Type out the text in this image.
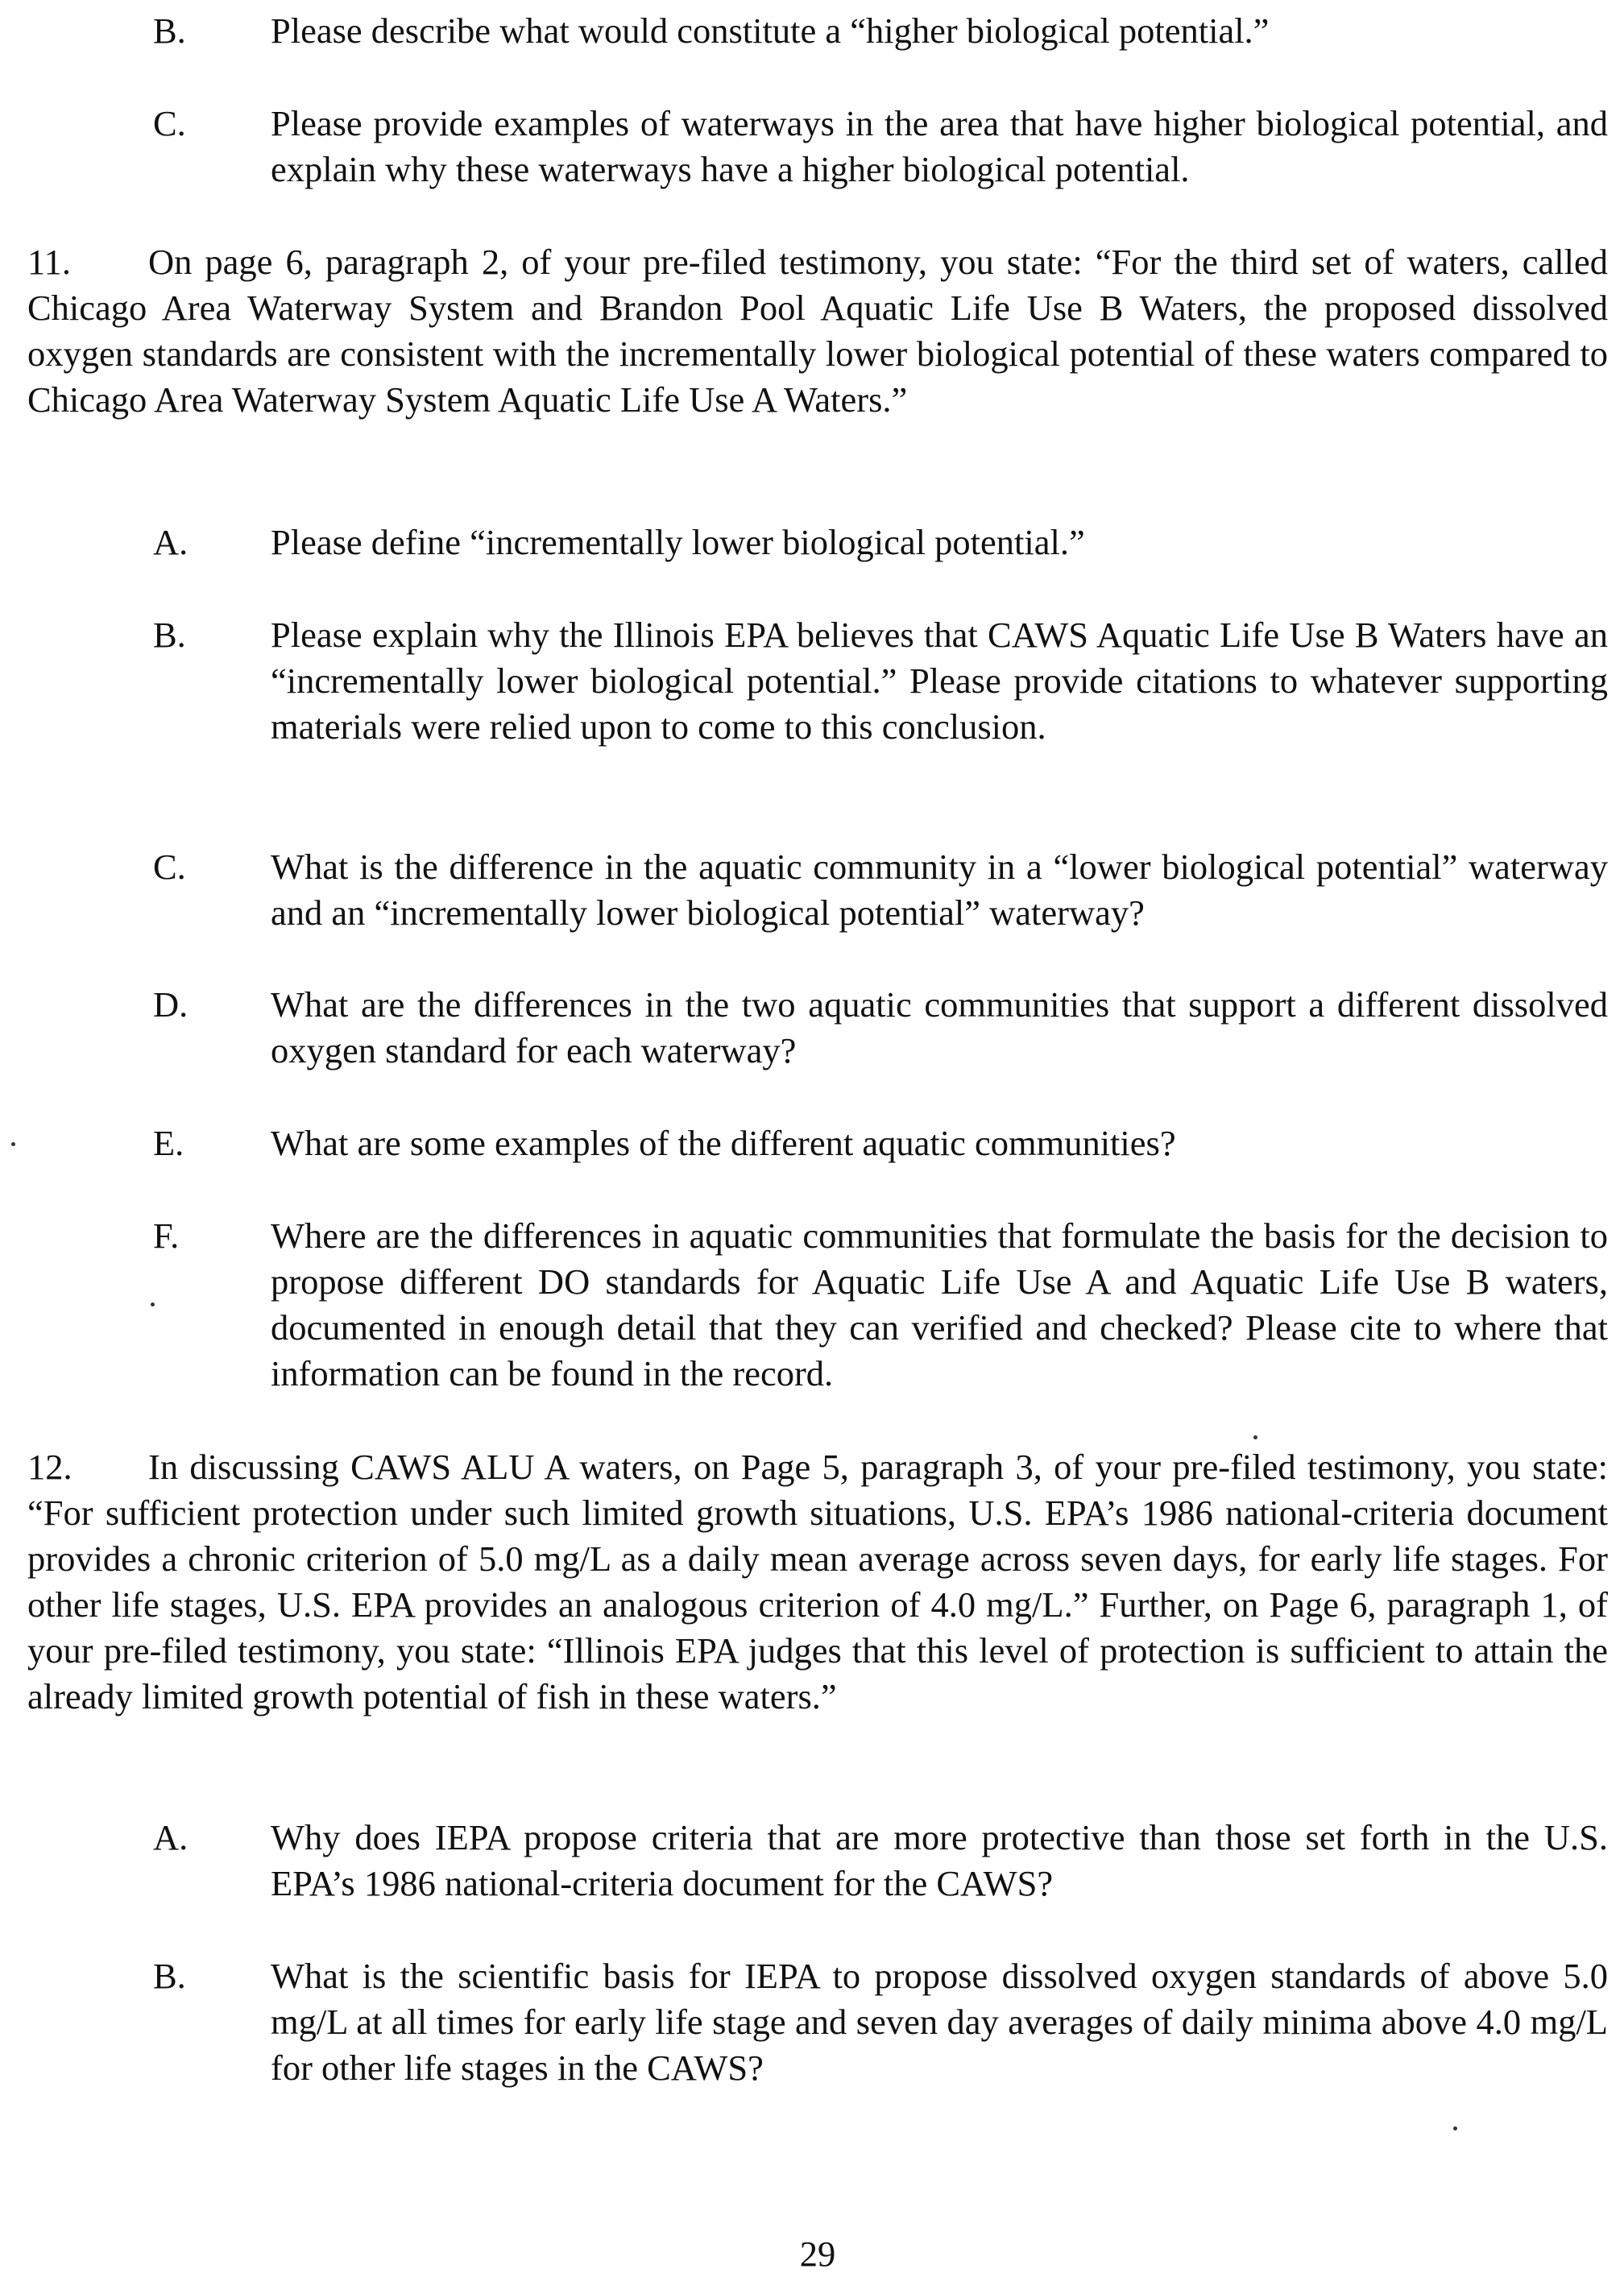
B. Please describe what would constitute a “higher biological potential.”

C. Please provide examples of waterways in the area that have higher biological potential, and explain why these waterways have a higher biological potential.

11. On page 6, paragraph 2, of your pre-filed testimony, you state: “For the third set of waters, called Chicago Area Waterway System and Brandon Pool Aquatic Life Use B Waters, the proposed dissolved oxygen standards are consistent with the incrementally lower biological potential of these waters compared to Chicago Area Waterway System Aquatic Life Use A Waters.”

A. Please define “incrementally lower biological potential.”

B. Please explain why the Illinois EPA believes that CAWS Aquatic Life Use B Waters have an “incrementally lower biological potential.” Please provide citations to whatever supporting materials were relied upon to come to this conclusion.

C. What is the difference in the aquatic community in a “lower biological potential” waterway and an “incrementally lower biological potential” waterway?

D. What are the differences in the two aquatic communities that support a different dissolved oxygen standard for each waterway?

E. What are some examples of the different aquatic communities?

F.	Where are the differences in aquatic communities that formulate the basis for the decision to propose different DO standards for Aquatic Life Use A and Aquatic Life Use B waters, documented in enough detail that they can verified and checked? Please cite to where that information can be found in the record.

12. In discussing CAWS ALU A waters, on Page 5, paragraph 3, of your pre-filed testimony, you state: “For sufficient protection under such limited growth situations, U.S. EPA’s 1986 national-criteria document provides a chronic criterion of 5.0 mg/L as a daily mean average across seven days, for early life stages. For other life stages, U.S. EPA provides an analogous criterion of 4.0 mg/L.” Further, on Page 6, paragraph 1, of your pre-filed testimony, you state: “Illinois EPA judges that this level of protection is sufficient to attain the already limited growth potential of fish in these waters.”

A. Why does IEPA propose criteria that are more protective than those set forth in the U.S. EPA’s 1986 national-criteria document for the CAWS?

B. What is the scientific basis for IEPA to propose dissolved oxygen standards of above 5.0 mg/L at all times for early life stage and seven day averages of daily minima above 4.0 mg/L for other life stages in the CAWS?

29
